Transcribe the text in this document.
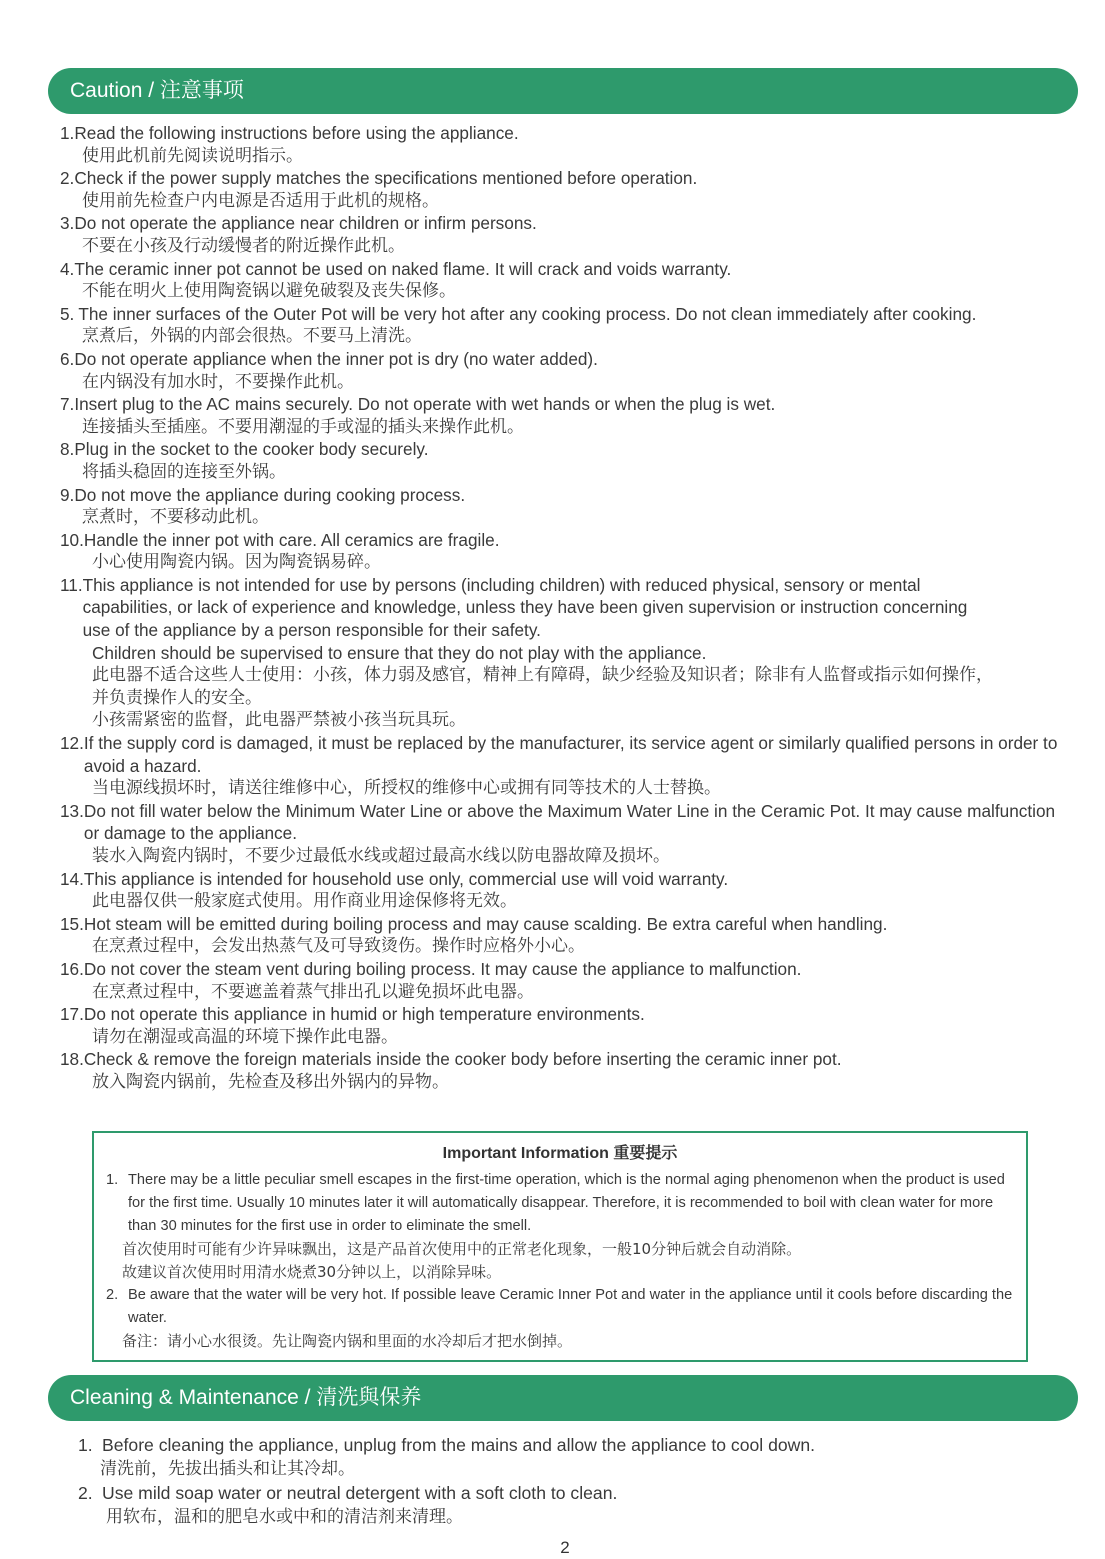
Caution / 注意事项
1. Read the following instructions before using the appliance.
使用此机前先阅读说明指示。
2. Check if the power supply matches the specifications mentioned before operation.
使用前先检查户内电源是否适用于此机的规格。
3. Do not operate the appliance near children or infirm persons.
不要在小孩及行动缓慢者的附近操作此机。
4. The ceramic inner pot cannot be used on naked flame. It will crack and voids warranty.
不能在明火上使用陶瓷锅以避免破裂及丧失保修。
5. The inner surfaces of the Outer Pot will be very hot after any cooking process. Do not clean immediately after cooking.
烹煮后，外锅的内部会很热。不要马上清洗。
6. Do not operate appliance when the inner pot is dry (no water added).
在内锅没有加水时，不要操作此机。
7. Insert plug to the AC mains securely. Do not operate with wet hands or when the plug is wet.
连接插头至插座。不要用潮湿的手或湿的插头来操作此机。
8. Plug in the socket to the cooker body securely.
将插头稳固的连接至外锅。
9. Do not move the appliance during cooking process.
烹煮时，不要移动此机。
10. Handle the inner pot with care. All ceramics are fragile.
小心使用陶瓷内锅。因为陶瓷锅易碎。
11. This appliance is not intended for use by persons (including children) with reduced physical, sensory or mental capabilities, or lack of experience and knowledge, unless they have been given supervision or instruction concerning use of the appliance by a person responsible for their safety.
Children should be supervised to ensure that they do not play with the appliance.
此电器不适合这些人士使用：小孩，体力弱及感官，精神上有障碍，缺少经验及知识者；除非有人监督或指示如何操作，并负责操作人的安全。
小孩需紧密的监督，此电器严禁被小孩当玩具玩。
12. If the supply cord is damaged, it must be replaced by the manufacturer, its service agent or similarly qualified persons in order to avoid a hazard.
当电源线损坏时，请送往维修中心，所授权的维修中心或拥有同等技术的人士替换。
13. Do not fill water below the Minimum Water Line or above the Maximum Water Line in the Ceramic Pot. It may cause malfunction or damage to the appliance.
装水入陶瓷内锅时，不要少过最低水线或超过最高水线以防电器故障及损坏。
14. This appliance is intended for household use only, commercial use will void warranty.
此电器仅供一般家庭式使用。用作商业用途保修将无效。
15. Hot steam will be emitted during boiling process and may cause scalding. Be extra careful when handling.
在烹煮过程中，会发出热蒸气及可导致烫伤。操作时应格外小心。
16. Do not cover the steam vent during boiling process. It may cause the appliance to malfunction.
在烹煮过程中，不要遮盖着蒸气排出孔以避免损坏此电器。
17. Do not operate this appliance in humid or high temperature environments.
请勿在潮湿或高温的环境下操作此电器。
18. Check & remove the foreign materials inside the cooker body before inserting the ceramic inner pot.
放入陶瓷内锅前，先检查及移出外锅内的异物。
Important Information 重要提示
1. There may be a little peculiar smell escapes in the first-time operation, which is the normal aging phenomenon when the product is used for the first time. Usually 10 minutes later it will automatically disappear. Therefore, it is recommended to boil with clean water for more than 30 minutes for the first use in order to eliminate the smell.
首次使用时可能有少许异味飘出，这是产品首次使用中的正常老化现象，一般10分钟后就会自动消除。
故建议首次使用时用清水烧煮30分钟以上，以消除异味。
2. Be aware that the water will be very hot. If possible leave Ceramic Inner Pot and water in the appliance until it cools before discarding the water.
备注：请小心水很烫。先让陶瓷内锅和里面的水冷却后才把水倒掉。
Cleaning & Maintenance / 清洗與保养
1. Before cleaning the appliance, unplug from the mains and allow the appliance to cool down.
清洗前，先拔出插头和让其冷却。
2. Use mild soap water or neutral detergent with a soft cloth to clean.
用软布，温和的肥皂水或中和的清洁剂来清理。
2
